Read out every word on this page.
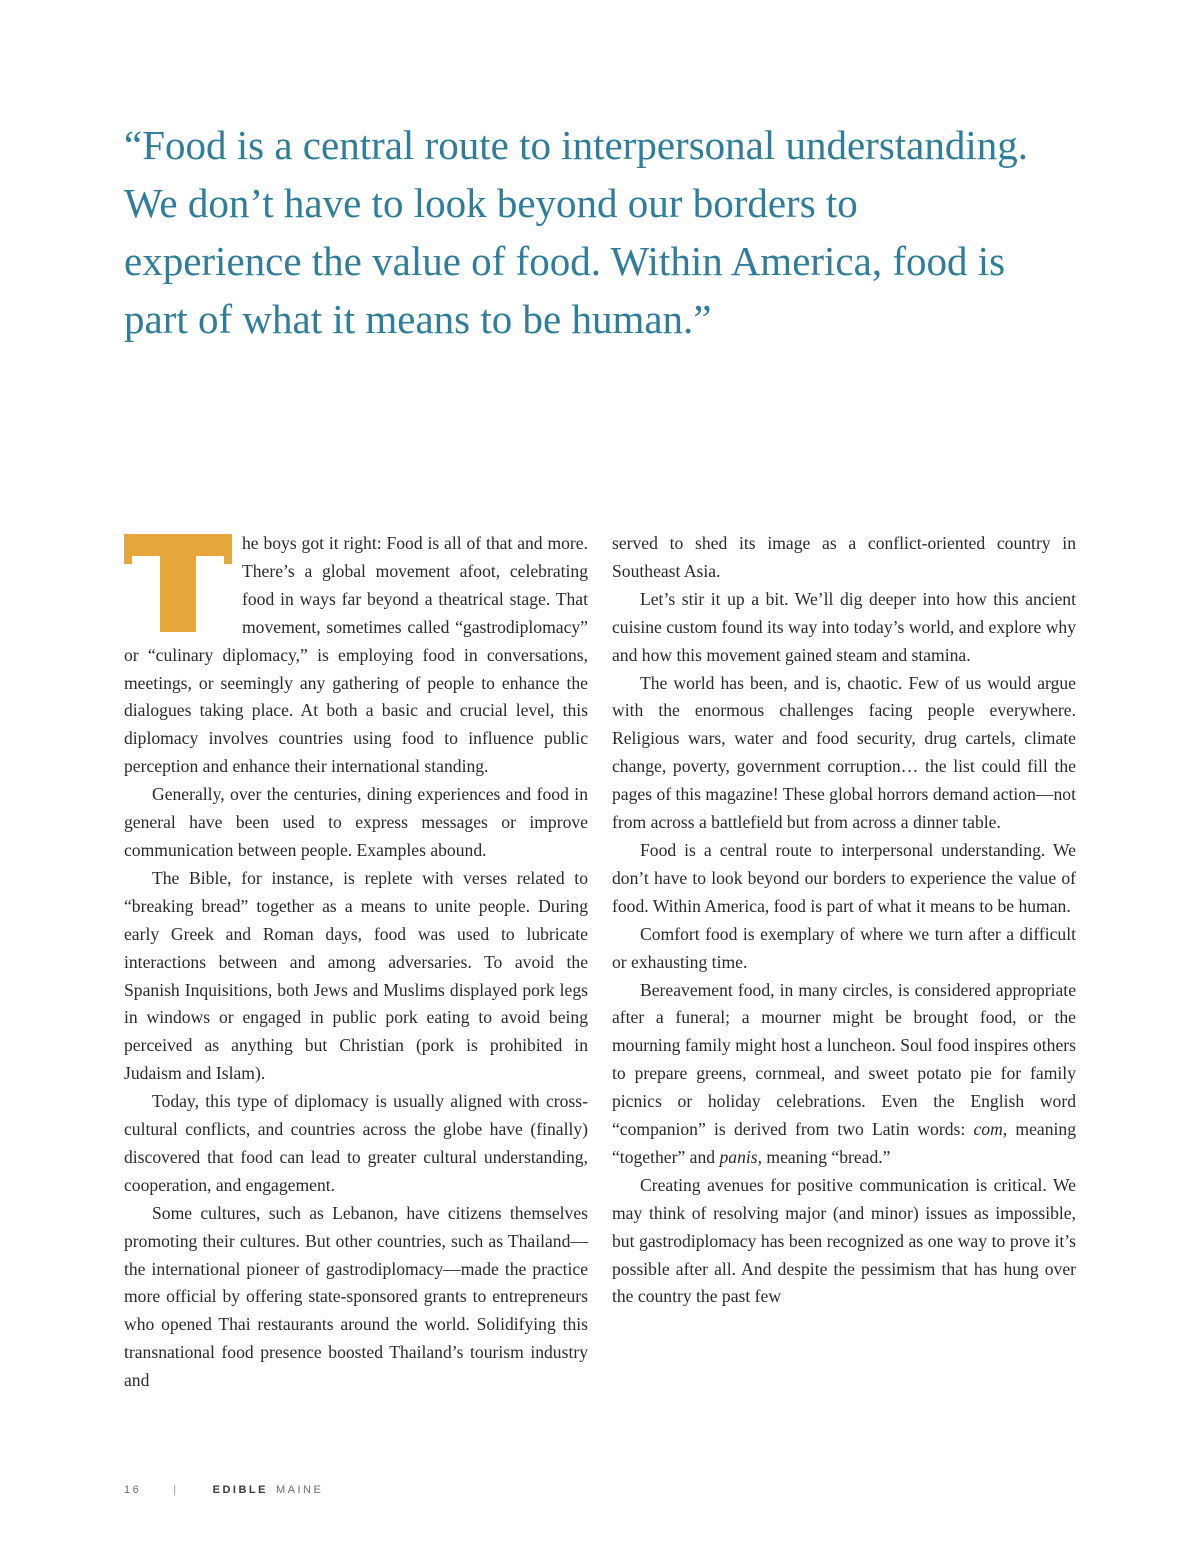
“Food is a central route to interpersonal understanding.
We don’t have to look beyond our borders to
experience the value of food. Within America, food is
part of what it means to be human.”

he boys got it right: Food is all of that and more. There’s a global movement afoot, celebrating food in ways far beyond a theatrical stage. That movement, sometimes called “gastrodiplomacy” or “culinary diplomacy,” is employing food in conversations, meetings, or seemingly any gathering of people to enhance the dialogues taking place. At both a basic and crucial level, this diplomacy involves countries using food to influence public perception and enhance their international standing.

Generally, over the centuries, dining experiences and food in general have been used to express messages or improve communication between people. Examples abound.

The Bible, for instance, is replete with verses related to “breaking bread” together as a means to unite people. During early Greek and Roman days, food was used to lubricate interactions between and among adversaries. To avoid the Spanish Inquisitions, both Jews and Muslims displayed pork legs in windows or engaged in public pork eating to avoid being perceived as anything but Christian (pork is prohibited in Judaism and Islam).

Today, this type of diplomacy is usually aligned with cross-cultural conflicts, and countries across the globe have (finally) discovered that food can lead to greater cultural understanding, cooperation, and engagement.

Some cultures, such as Lebanon, have citizens themselves promoting their cultures. But other countries, such as Thailand—the international pioneer of gastrodiplomacy—made the practice more official by offering state-sponsored grants to entrepreneurs who opened Thai restaurants around the world. Solidifying this transnational food presence boosted Thailand’s tourism industry and

served to shed its image as a conflict-oriented country in Southeast Asia.

Let’s stir it up a bit. We’ll dig deeper into how this ancient cuisine custom found its way into today’s world, and explore why and how this movement gained steam and stamina.

The world has been, and is, chaotic. Few of us would argue with the enormous challenges facing people everywhere. Religious wars, water and food security, drug cartels, climate change, poverty, government corruption… the list could fill the pages of this magazine! These global horrors demand action—not from across a battlefield but from across a dinner table.

Food is a central route to interpersonal understanding. We don’t have to look beyond our borders to experience the value of food. Within America, food is part of what it means to be human.

Comfort food is exemplary of where we turn after a difficult or exhausting time.

Bereavement food, in many circles, is considered appropriate after a funeral; a mourner might be brought food, or the mourning family might host a luncheon. Soul food inspires others to prepare greens, cornmeal, and sweet potato pie for family picnics or holiday celebrations. Even the English word “companion” is derived from two Latin words: com, meaning “together” and panis, meaning “bread.”

Creating avenues for positive communication is critical. We may think of resolving major (and minor) issues as impossible, but gastrodiplomacy has been recognized as one way to prove it’s possible after all. And despite the pessimism that has hung over the country the past few

16	|	EDIBLE MAINE
